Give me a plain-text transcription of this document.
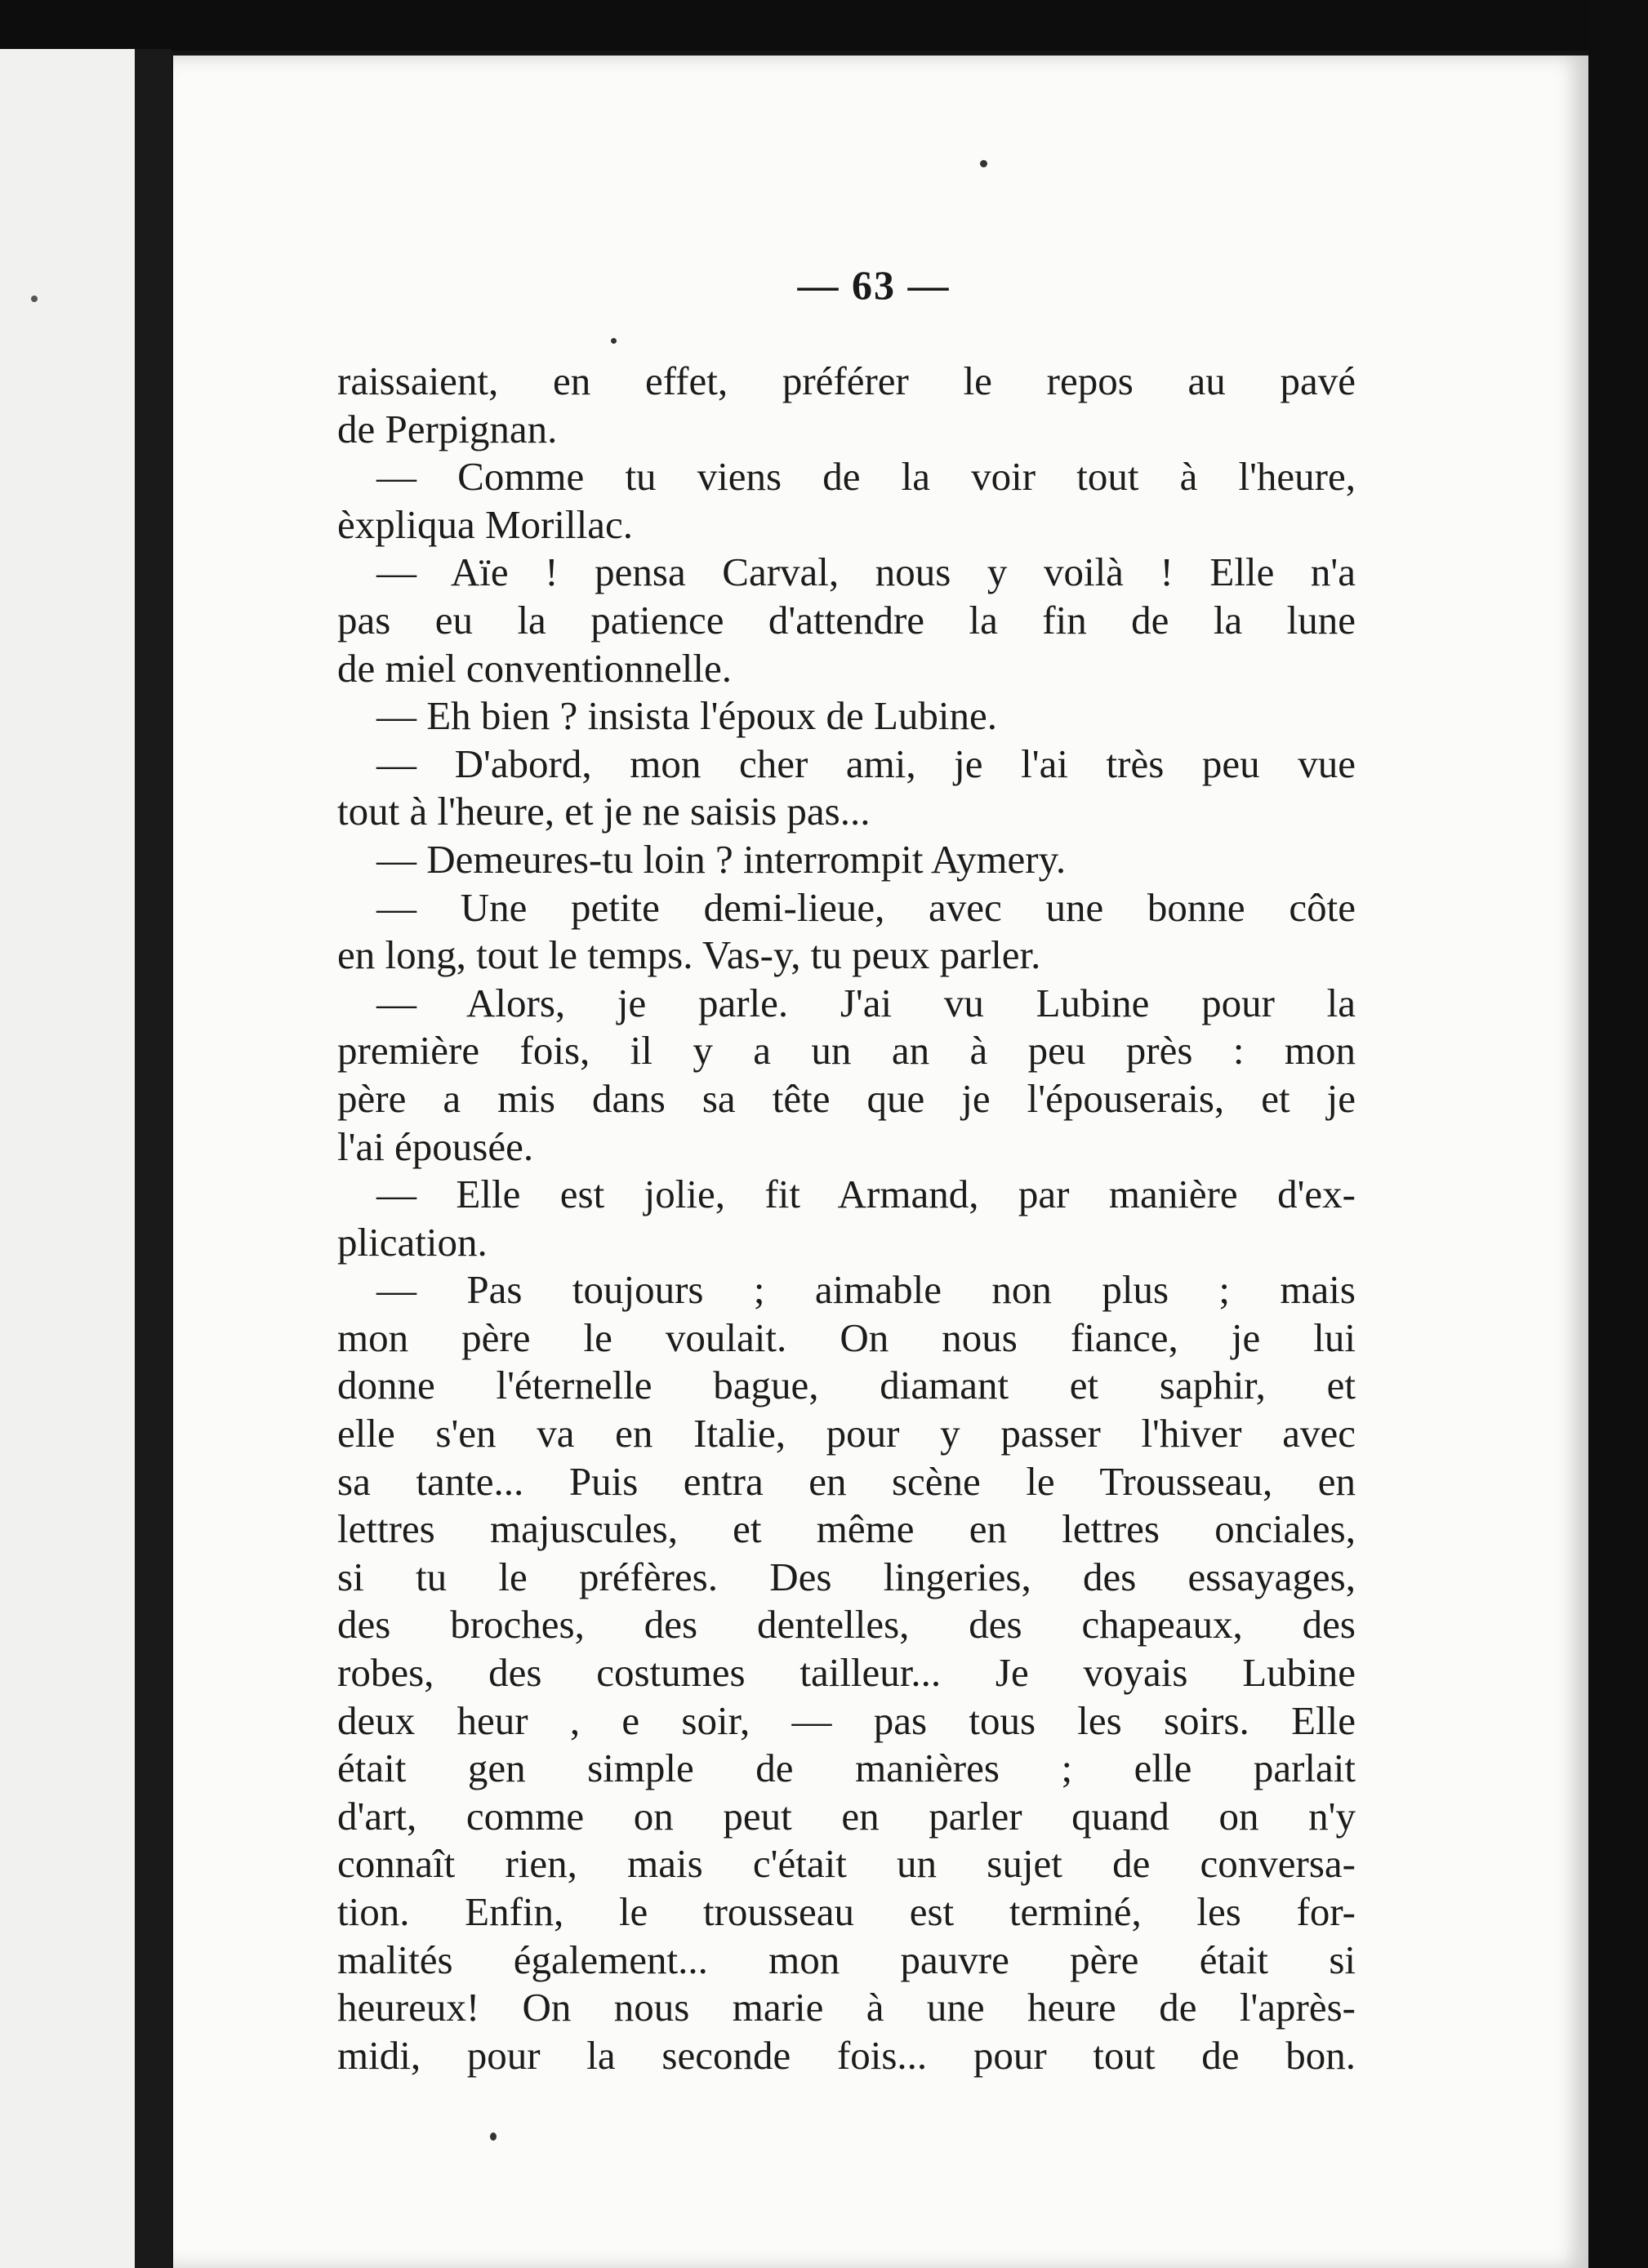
— 63 —
raissaient, en effet, préférer le repos au pavé
de Perpignan.
— Comme tu viens de la voir tout à l'heure,
èxpliqua Morillac.
— Aïe ! pensa Carval, nous y voilà ! Elle n'a
pas eu la patience d'attendre la fin de la lune
de miel conventionnelle.
— Eh bien ? insista l'époux de Lubine.
— D'abord, mon cher ami, je l'ai très peu vue
tout à l'heure, et je ne saisis pas...
— Demeures-tu loin ? interrompit Aymery.
— Une petite demi-lieue, avec une bonne côte
en long, tout le temps. Vas-y, tu peux parler.
— Alors, je parle. J'ai vu Lubine pour la
première fois, il y a un an à peu près : mon
père a mis dans sa tête que je l'épouserais, et je
l'ai épousée.
— Elle est jolie, fit Armand, par manière d'ex-
plication.
— Pas toujours ; aimable non plus ; mais
mon père le voulait. On nous fiance, je lui
donne l'éternelle bague, diamant et saphir, et
elle s'en va en Italie, pour y passer l'hiver avec
sa tante... Puis entra en scène le Trousseau, en
lettres majuscules, et même en lettres onciales,
si tu le préfères. Des lingeries, des essayages,
des broches, des dentelles, des chapeaux, des
robes, des costumes tailleur... Je voyais Lubine
deux heur , e soir, — pas tous les soirs. Elle
était gen simple de manières ; elle parlait
d'art, comme on peut en parler quand on n'y
connaît rien, mais c'était un sujet de conversa-
tion. Enfin, le trousseau est terminé, les for-
malités également... mon pauvre père était si
heureux! On nous marie à une heure de l'après-
midi, pour la seconde fois... pour tout de bon.
